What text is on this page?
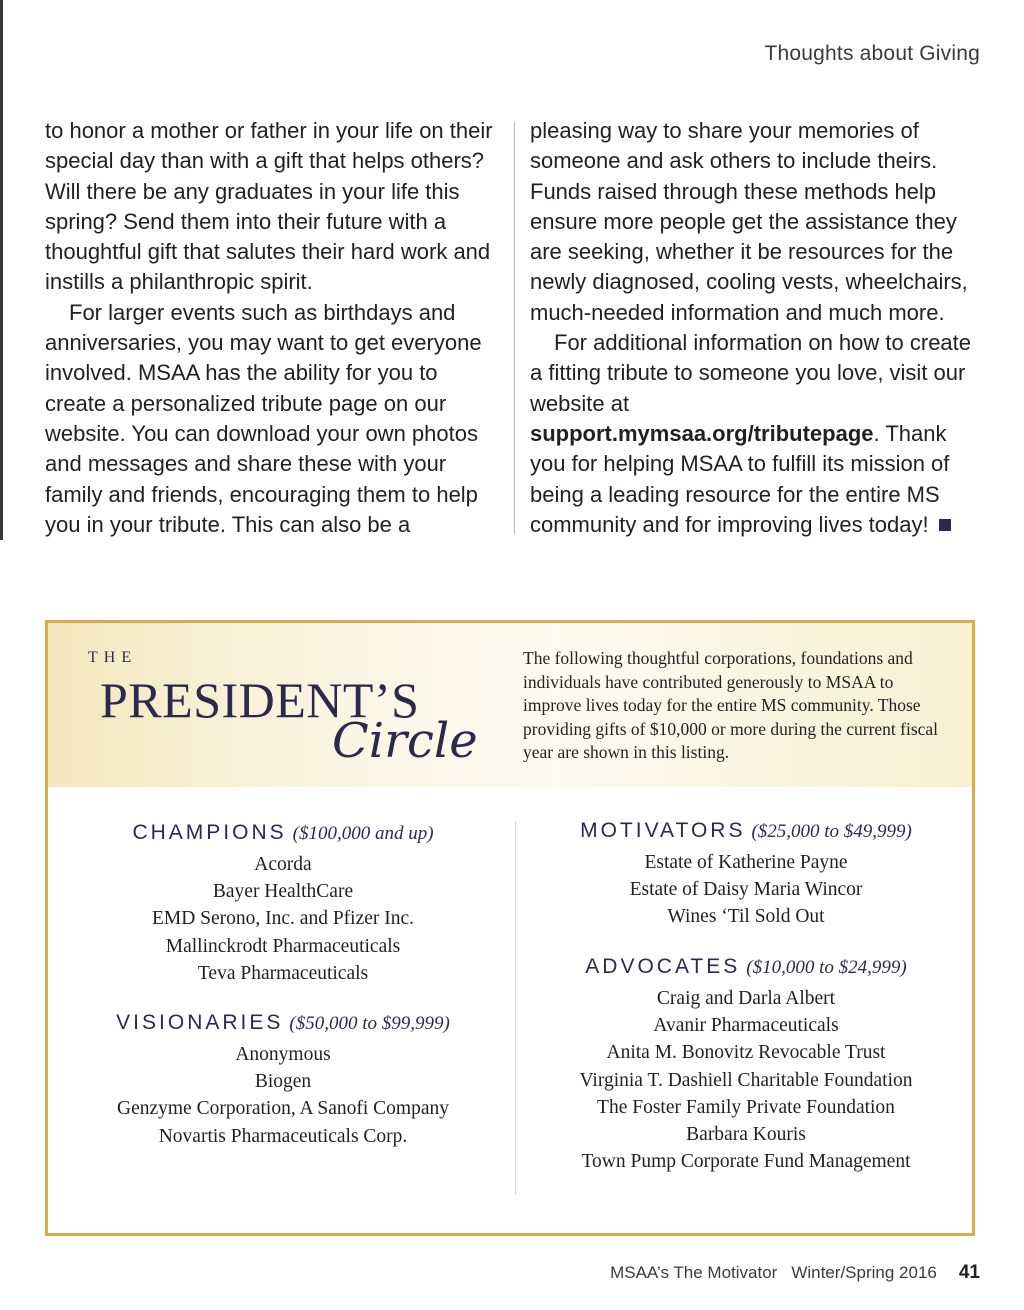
Thoughts about Giving

to honor a mother or father in your life on their special day than with a gift that helps others? Will there be any graduates in your life this spring? Send them into their future with a thoughtful gift that salutes their hard work and instills a philanthropic spirit.

For larger events such as birthdays and anniversaries, you may want to get everyone involved. MSAA has the ability for you to create a personalized tribute page on our website. You can download your own photos and messages and share these with your family and friends, encouraging them to help you in your tribute. This can also be a

pleasing way to share your memories of someone and ask others to include theirs. Funds raised through these methods help ensure more people get the assistance they are seeking, whether it be resources for the newly diagnosed, cooling vests, wheelchairs, much-needed information and much more.

For additional information on how to create a fitting tribute to someone you love, visit our website at support.mymsaa.org/tributepage. Thank you for helping MSAA to fulfill its mission of being a leading resource for the entire MS community and for improving lives today!

THE
PRESIDENT’S
Circle
The following thoughtful corporations, foundations and individuals have contributed generously to MSAA to improve lives today for the entire MS community. Those providing gifts of $10,000 or more during the current fiscal year are shown in this listing.
CHAMPIONS ($100,000 and up)
Acorda
Bayer HealthCare
EMD Serono, Inc. and Pfizer Inc.
Mallinckrodt Pharmaceuticals
Teva Pharmaceuticals
VISIONARIES ($50,000 to $99,999)
Anonymous
Biogen
Genzyme Corporation, A Sanofi Company
Novartis Pharmaceuticals Corp.
MOTIVATORS ($25,000 to $49,999)
Estate of Katherine Payne
Estate of Daisy Maria Wincor
Wines ‘Til Sold Out
ADVOCATES ($10,000 to $24,999)
Craig and Darla Albert
Avanir Pharmaceuticals
Anita M. Bonovitz Revocable Trust
Virginia T. Dashiell Charitable Foundation
The Foster Family Private Foundation
Barbara Kouris
Town Pump Corporate Fund Management
MSAA’s The Motivator Winter/Spring 2016 41
